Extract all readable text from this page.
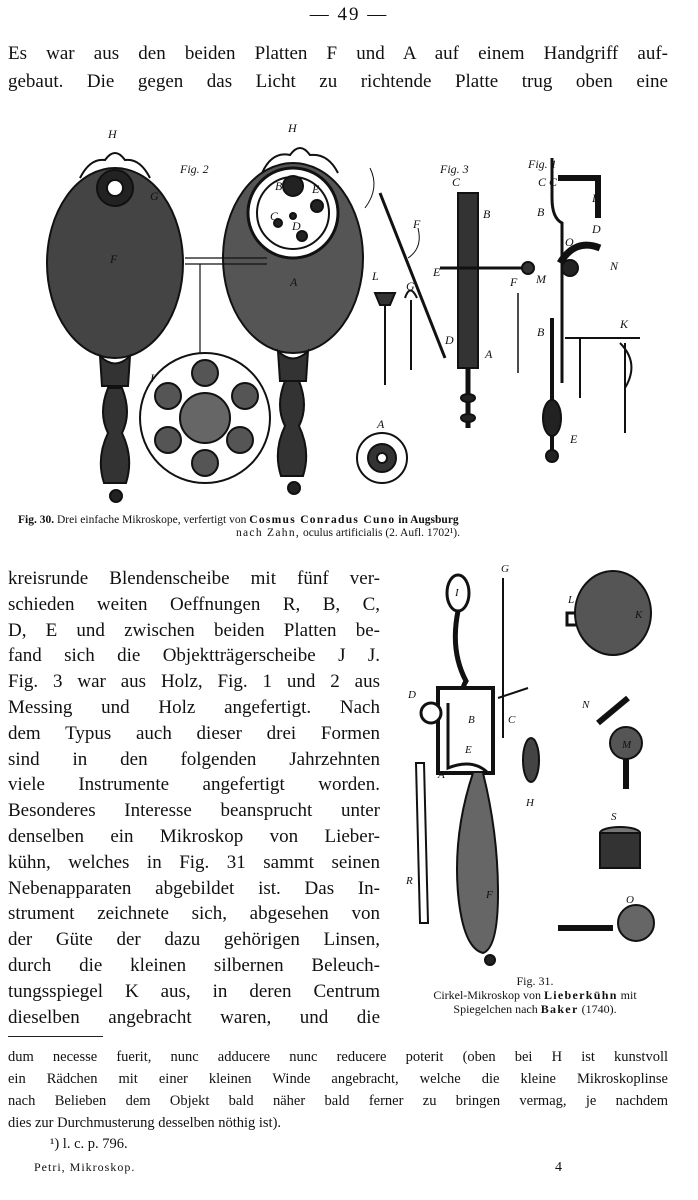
— 49 —
Es war aus den beiden Platten F und A auf einem Handgriff auf-
gebaut. Die gegen das Licht zu richtende Platte trug oben eine
H	H
F
A
B E
C
D
G
Fig. 2	Fig. 3	Fig. 1
F
E
B
C
D
A
L
G	F
C C
D
D
B
O
N
M
B
E
A
I
K
Fig. 30. Drei einfache Mikroskope, verfertigt von Cosmus Conradus Cuno in Augsburg
nach Zahn, oculus artificialis (2. Aufl. 1702¹).
kreisrunde Blendenscheibe mit fünf ver-
schieden weiten Oeffnungen R, B, C,
D, E und zwischen beiden Platten be-
fand sich die Objektträgerscheibe J J.
Fig. 3 war aus Holz, Fig. 1 und 2 aus
Messing und Holz angefertigt. Nach
dem Typus auch dieser drei Formen
sind in den folgenden Jahrzehnten
viele Instrumente angefertigt worden.
Besonderes Interesse beansprucht unter
denselben ein Mikroskop von Lieber-
kühn, welches in Fig. 31 sammt seinen
Nebenapparaten abgebildet ist. Das In-
strument zeichnete sich, abgesehen von
der Güte der dazu gehörigen Linsen,
durch die kleinen silbernen Beleuch-
tungsspiegel K aus, in deren Centrum
dieselben angebracht waren, und die
I
G
D
B	C
E
A
H
R
F
L
K
N
M
S
O
Fig. 31.
Cirkel-Mikroskop von Lieberkühn mit
Spiegelchen nach Baker (1740).
dum necesse fuerit, nunc adducere nunc reducere poterit (oben bei H ist kunstvoll
ein Rädchen mit einer kleinen Winde angebracht, welche die kleine Mikroskoplinse
nach Belieben dem Objekt bald näher bald ferner zu bringen vermag, je nachdem
dies zur Durchmusterung desselben nöthig ist).
¹) l. c. p. 796.
Petri, Mikroskop.	4
